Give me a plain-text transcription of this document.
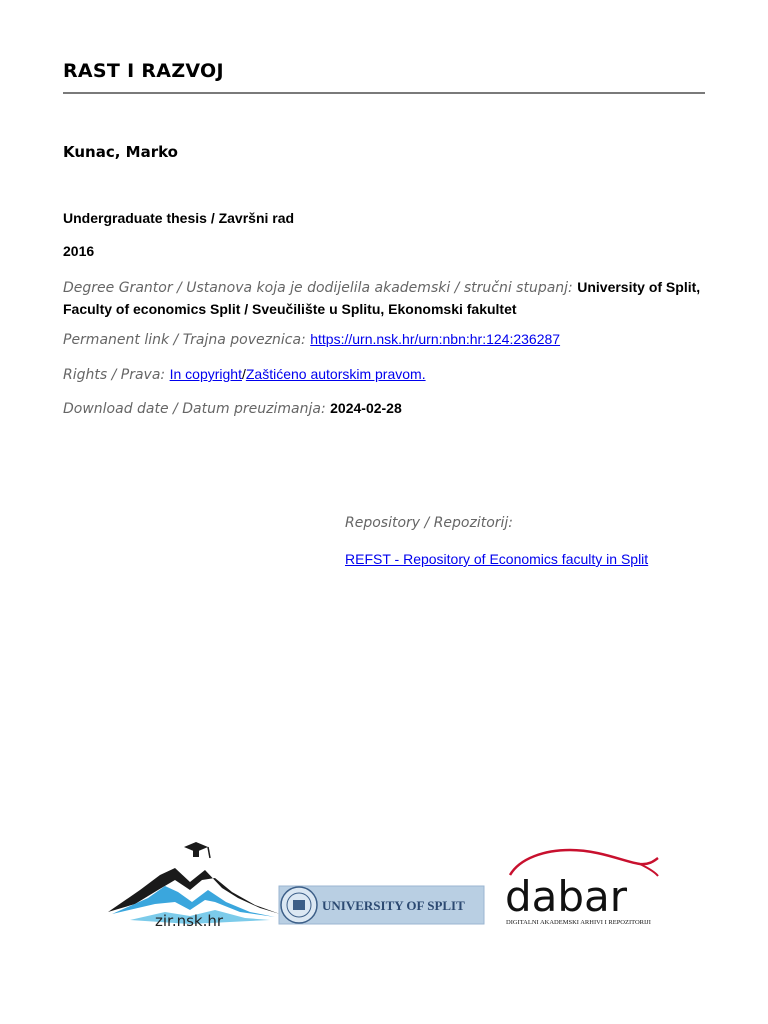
RAST I RAZVOJ
Kunac, Marko
Undergraduate thesis / Završni rad
2016
Degree Grantor / Ustanova koja je dodijelila akademski / stručni stupanj: University of Split, Faculty of economics Split / Sveučilište u Splitu, Ekonomski fakultet
Permanent link / Trajna poveznica: https://urn.nsk.hr/urn:nbn:hr:124:236287
Rights / Prava: In copyright/Zaštićeno autorskim pravom.
Download date / Datum preuzimanja: 2024-02-28
Repository / Repozitorij:
REFST - Repository of Economics faculty in Split
zir.nsk.hr
UNIVERSITY OF SPLIT dabar
DIGITALNI AKADEMSKI ARHIVI I REPOZITORIJI
